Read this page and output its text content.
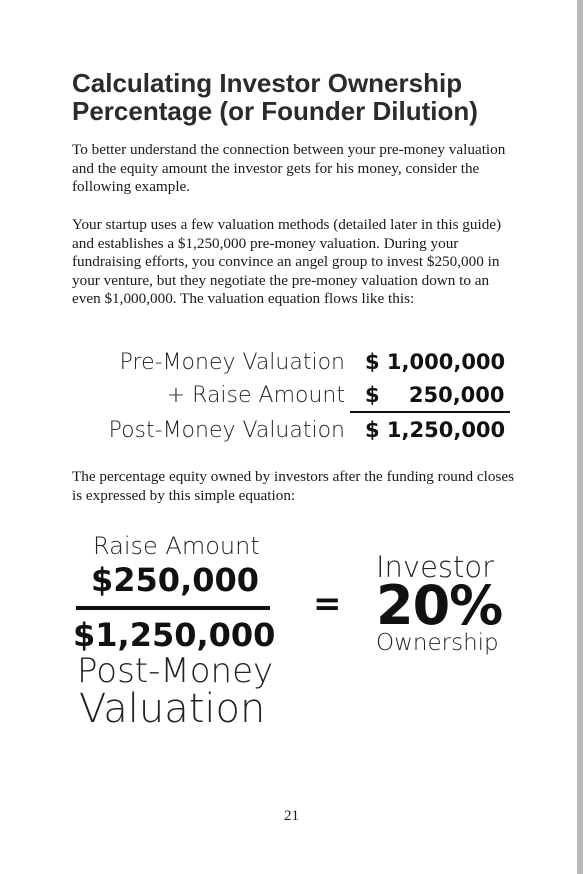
Calculating Investor Ownership Percentage (or Founder Dilution)

To better understand the connection between your pre-money valuation and the equity amount the investor gets for his money, consider the following example.

Your startup uses a few valuation methods (detailed later in this guide) and establishes a $1,250,000 pre-money valuation. During your fundraising efforts, you convince an angel group to invest $250,000 in your venture, but they negotiate the pre-money valuation down to an even $1,000,000. The valuation equation flows like this:

Pre-Money Valuation $ 1,000,000
+ Raise Amount $    250,000
Post-Money Valuation $ 1,250,000

The percentage equity owned by investors after the funding round closes is expressed by this simple equation:

Raise Amount
$250,000
$1,250,000
Post-Money
Valuation
=
Investor
20%
Ownership
21
